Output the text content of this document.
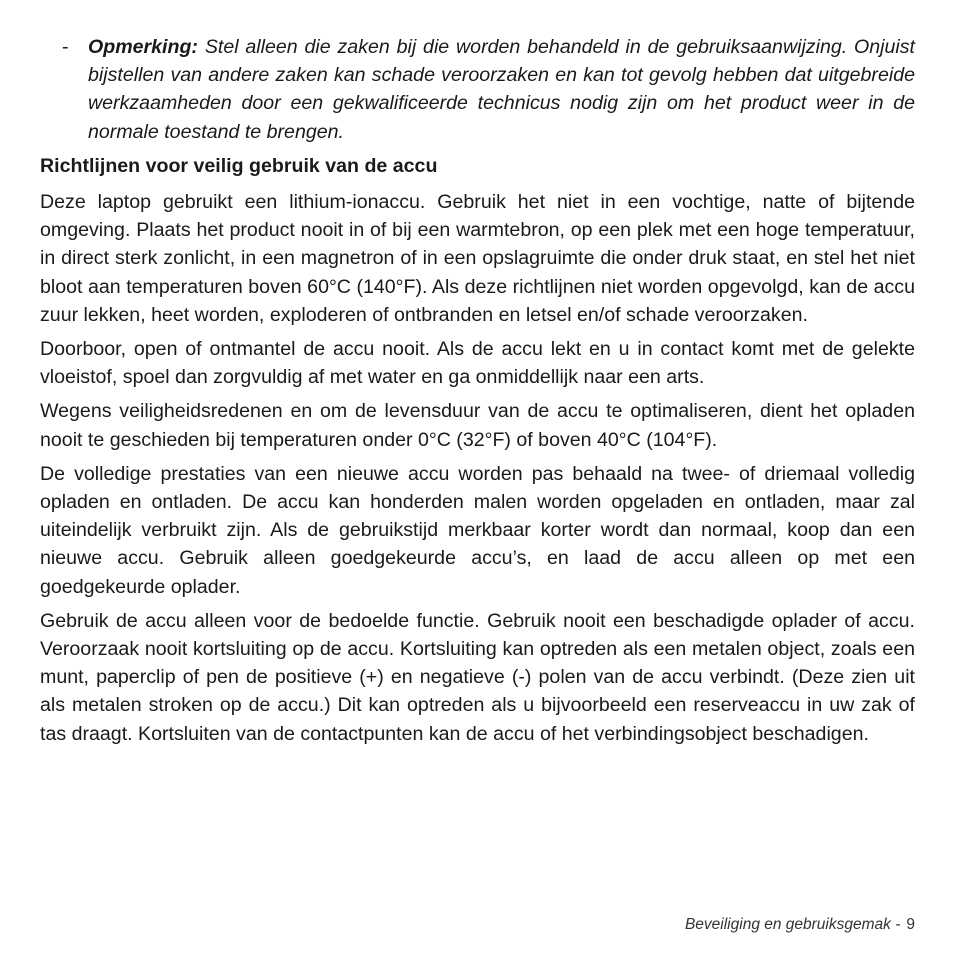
- Opmerking: Stel alleen die zaken bij die worden behandeld in de gebruiksaanwijzing. Onjuist bijstellen van andere zaken kan schade veroorzaken en kan tot gevolg hebben dat uitgebreide werkzaamheden door een gekwalificeerde technicus nodig zijn om het product weer in de normale toestand te brengen.
Richtlijnen voor veilig gebruik van de accu

Deze laptop gebruikt een lithium-ionaccu. Gebruik het niet in een vochtige, natte of bijtende omgeving. Plaats het product nooit in of bij een warmtebron, op een plek met een hoge temperatuur, in direct sterk zonlicht, in een magnetron of in een opslagruimte die onder druk staat, en stel het niet bloot aan temperaturen boven 60°C (140°F). Als deze richtlijnen niet worden opgevolgd, kan de accu zuur lekken, heet worden, exploderen of ontbranden en letsel en/of schade veroorzaken.

Doorboor, open of ontmantel de accu nooit. Als de accu lekt en u in contact komt met de gelekte vloeistof, spoel dan zorgvuldig af met water en ga onmiddellijk naar een arts.

Wegens veiligheidsredenen en om de levensduur van de accu te optimaliseren, dient het opladen nooit te geschieden bij temperaturen onder 0°C (32°F) of boven 40°C (104°F).

De volledige prestaties van een nieuwe accu worden pas behaald na twee- of driemaal volledig opladen en ontladen. De accu kan honderden malen worden opgeladen en ontladen, maar zal uiteindelijk verbruikt zijn. Als de gebruikstijd merkbaar korter wordt dan normaal, koop dan een nieuwe accu. Gebruik alleen goedgekeurde accu’s, en laad de accu alleen op met een goedgekeurde oplader.

Gebruik de accu alleen voor de bedoelde functie. Gebruik nooit een beschadigde oplader of accu. Veroorzaak nooit kortsluiting op de accu. Kortsluiting kan optreden als een metalen object, zoals een munt, paperclip of pen de positieve (+) en negatieve (-) polen van de accu verbindt. (Deze zien uit als metalen stroken op de accu.) Dit kan optreden als u bijvoorbeeld een reserveaccu in uw zak of tas draagt. Kortsluiten van de contactpunten kan de accu of het verbindingsobject beschadigen.

Beveiliging en gebruiksgemak - 9
